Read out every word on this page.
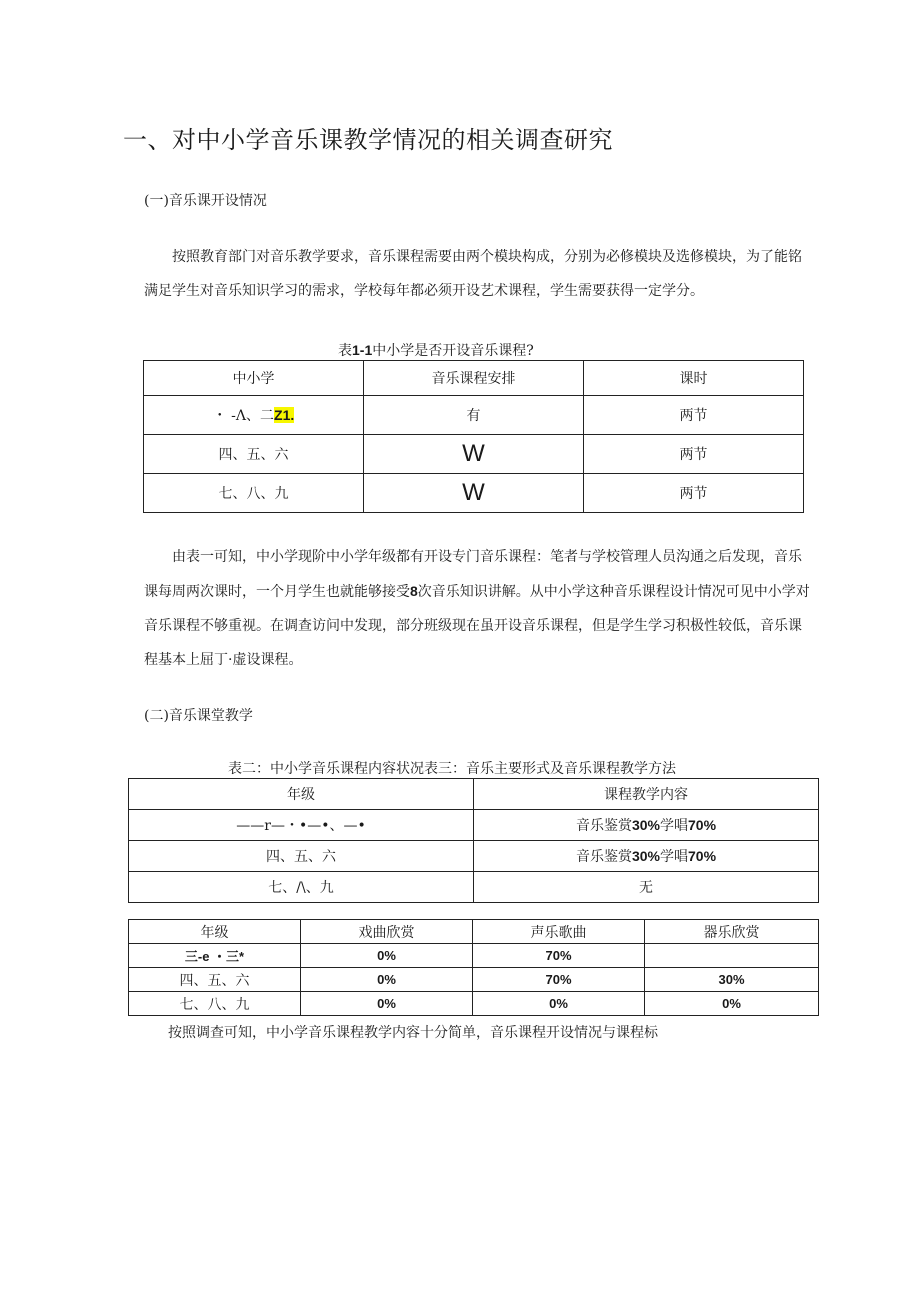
一、对中小学音乐课教学情况的相关调查研究
(一)音乐课开设情况
按照教育部门对音乐教学要求，音乐课程需要由两个模块构成，分别为必修模块及选修模块，为了能铭满足学生对音乐知识学习的需求，学校每年都必须开设艺术课程，学生需要获得一定学分。
表1-1中小学是否开设音乐课程?
中小学	音乐课程安排	课时
・ -Λ、二Z1.	有	两节
四、五、六	W	两节
七、八、九	W	两节
由表一可知，中小学现阶中小学年级都有开设专门音乐课程：笔者与学校管理人员沟通之后发现，音乐课每周两次课时，一个月学生也就能够接受8次音乐知识讲解。从中小学这种音乐课程设计情况可见中小学对音乐课程不够重视。在调查访问中发现，部分班级现在虽开设音乐课程，但是学生学习积极性较低，音乐课程基本上屈丁·虚设课程。
(二)音乐课堂教学
表二：中小学音乐课程内容状况表三：音乐主要形式及音乐课程教学方法
年级	课程教学内容
——r—・•—•、—•	音乐鉴赏30%学唱70%
四、五、六	音乐鉴赏30%学唱70%
七、/\、九	无
年级	戏曲欣赏	声乐歌曲	器乐欣赏
三-e ・三*	0%	70%	
四、五、六	0%	70%	30%
七、八、九	0%	0%	0%
按照调查可知，中小学音乐课程教学内容十分简单，音乐课程开设情况与课程标
